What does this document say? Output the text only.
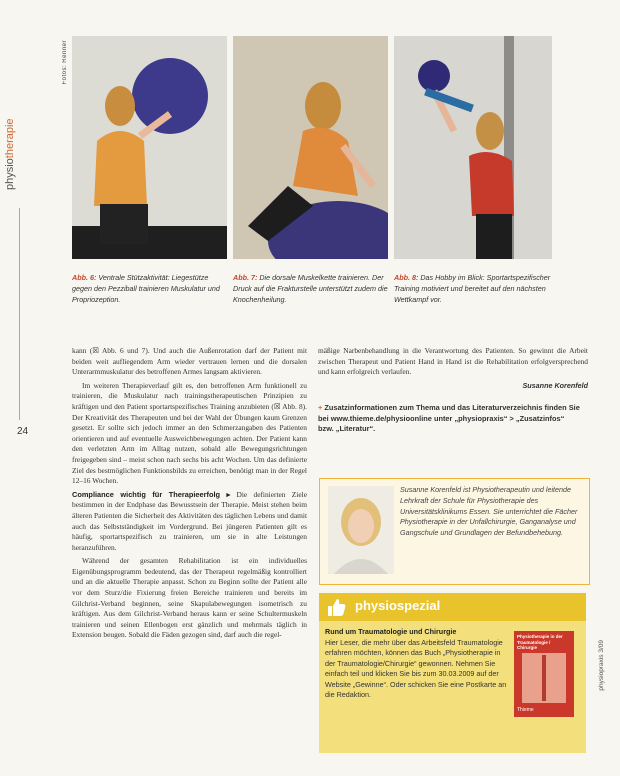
Fotos: Renner
physiotherapie
24
Abb. 6: Ventrale Stützaktivität: Liegestütze gegen den Pezziball trainieren Muskulatur und Propriozeption.
Abb. 7: Die dorsale Muskelkette trainieren. Der Druck auf die Frakturstelle unterstützt zudem die Knochenheilung.
Abb. 8: Das Hobby im Blick: Sportartspezifischer Training motiviert und bereitet auf den nächsten Wettkampf vor.

kann (☒ Abb. 6 und 7). Und auch die Außenrotation darf der Patient mit beiden weit aufliegendem Arm wieder vertrauen lernen und die dorsalen Unterarmmuskulatur des betroffenen Armes langsam aktivieren.

Im weiteren Therapieverlauf gilt es, den betroffenen Arm funktionell zu trainieren, die Muskulatur nach trainingstherapeutischen Prinzipien zu kräftigen und den Patient sportartspezifisches Training anzubieten (☒ Abb. 8). Der Kreativität des Therapeuten und bei der Wahl der Übungen kaum Grenzen gesetzt. Er sollte sich jedoch immer an den Schmerzangaben des Patienten orientieren und auf eventuelle Ausweichbewegungen achten. Der Patient kann den verletzten Arm im Alltag nutzen, sobald alle Bewegungsrichtungen freigegeben sind – meist schon nach sechs bis acht Wochen. Um das definierte Ziel des bestmöglichen Funktionsbilds zu erreichen, benötigt man in der Regel 12–16 Wochen.

Compliance wichtig für Therapieerfolg ▸ Die definierten Ziele bestimmen in der Endphase das Bewusstsein der Therapie. Meist stehen beim älteren Patienten die Sicherheit des Aktivitäten des täglichen Lebens und damit auch das Selbstständigkeit im Vordergrund. Bei jüngeren Patienten gilt es häufig, sportartspezifisch zu trainieren, um sie in alte Leistungen heranzuführen.

Während der gesamten Rehabilitation ist ein individuelles Eigenübungsprogramm bedeutend, das der Therapeut regelmäßig kontrolliert und an die aktuelle Therapie anpasst. Schon zu Beginn sollte der Patient alle vor dem Sturz/die Fixierung freien Bereiche trainieren und bereits im Gilchrist-Verband beginnen, seine Skapulabewegungen isometrisch zu kräftigen. Aus dem Gilchrist-Verband heraus kann er seine Schultermuskeln trainieren und seinen Ellenbogen erst gänzlich und mehrmals täglich in Extension beugen. Sobald die Fäden gezogen sind, darf auch die regel-

mäßige Narbenbehandlung in die Verantwortung des Patienten. So gewinnt die Arbeit zwischen Therapeut und Patient Hand in Hand ist die Rehabilitation erfolgversprechend und kann erfolgreich verlaufen.

Susanne Korenfeld
+ Zusatzinformationen zum Thema und das Literaturverzeichnis finden Sie bei www.thieme.de/physioonline unter „physiopraxis“ > „Zusatzinfos“ bzw. „Literatur“.
Susanne Korenfeld ist Physiotherapeutin und leitende Lehrkraft der Schule für Physiotherapie des Universitätsklinikums Essen. Sie unterrichtet die Fächer Physiotherapie in der Unfallchirurgie, Ganganalyse und Gangschule und Grundlagen der Befundbehebung.
physiospezial
Rund um Traumatologie und Chirurgie
Hier Leser, die mehr über das Arbeitsfeld Traumatologie erfahren möchten, können das Buch „Physiotherapie in der Traumatologie/Chirurgie“ gewonnen. Nehmen Sie einfach teil und klicken Sie bis zum 30.03.2009 auf der Website „Gewinne“. Oder schicken Sie eine Postkarte an die Redaktion.
Physiotherapie in der Traumatologie / Chirurgie
Thieme
physiopraxis 3/09
